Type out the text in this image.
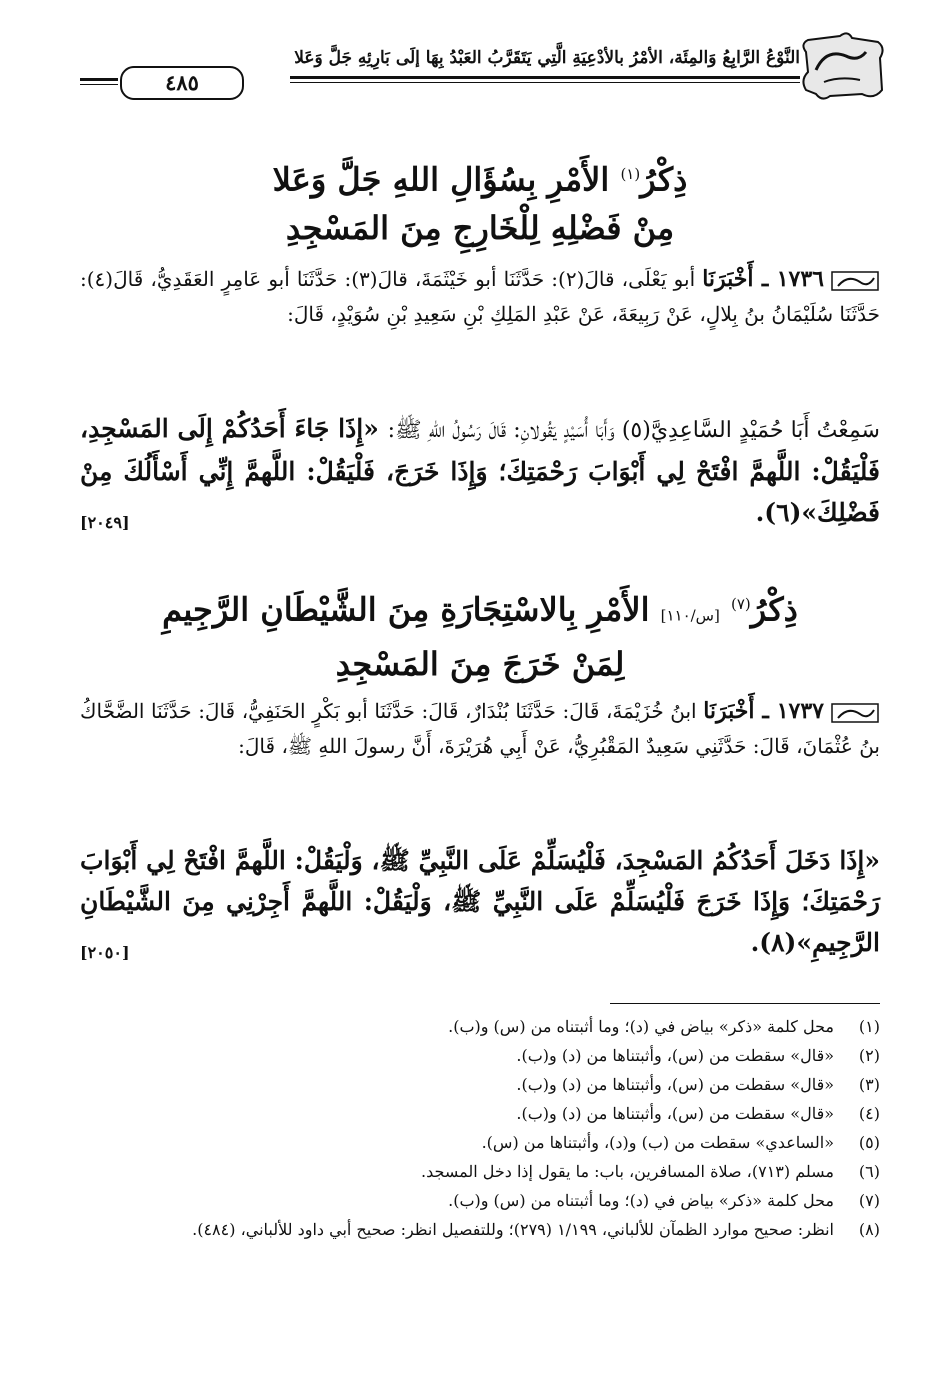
النَّوْعُ الرَّابِعُ وَالمِئَة، الأمْرُ بالأدْعِيَةِ الَّتِي يَتَقَرَّبُ العَبْدُ بِهَا إلَى بَارِئِهِ جَلَّ وَعَلا
٤٨٥
ذِكْرُ$^{(١)}$ الأَمْرِ بِسُؤَالِ اللهِ جَلَّ وَعَلا
مِنْ فَضْلِهِ لِلْخَارِجِ مِنَ المَسْجِدِ
١٧٣٦ ـ أَخْبَرَنَا أبو يَعْلَى، قالَ(٢): حَدَّثَنَا أبو خَيْثَمَةَ، قالَ(٣): حَدَّثَنَا أبو عَامِرٍ العَقَدِيُّ، قَالَ(٤): حَدَّثَنَا سُلَيْمَانُ بنُ بِلالٍ، عَنْ رَبِيعَةَ، عَنْ عَبْدِ المَلِكِ بْنِ سَعِيدِ بْنِ سُوَيْدٍ، قَالَ:
سَمِعْتُ أَبَا حُمَيْدٍ السَّاعِدِيَّ(٥) وَأَبَا أُسَيْدٍ يَقُولانِ: قَالَ رَسُولُ اللهِ ﷺ: «إِذَا جَاءَ أَحَدُكُمْ إِلَى المَسْجِدِ، فَلْيَقُلْ: اللَّهمَّ افْتَحْ لِي أَبْوَابَ رَحْمَتِكَ؛ وَإِذَا خَرَجَ، فَلْيَقُلْ: اللَّهمَّ إِنِّي أَسْأَلُكَ مِنْ فَضْلِكَ»(٦).
[٢٠٤٩]
ذِكْرُ$^{(٧)}$ [س/١١٠] الأَمْرِ بِالاسْتِجَارَةِ مِنَ الشَّيْطَانِ الرَّجِيمِ
لِمَنْ خَرَجَ مِنَ المَسْجِدِ
١٧٣٧ ـ أَخْبَرَنَا ابنُ خُزَيْمَةَ، قَالَ: حَدَّثَنَا بُنْدَارٌ، قَالَ: حَدَّثَنَا أبو بَكْرٍ الحَنَفِيُّ، قَالَ: حَدَّثَنَا الضَّحَّاكُ بنُ عُثْمَانَ، قَالَ: حَدَّثَنِي سَعِيدٌ المَقْبُرِيُّ، عَنْ أَبِي هُرَيْرَةَ، أَنَّ رسولَ اللهِ ﷺ، قَالَ:
«إِذَا دَخَلَ أَحَدُكُمُ المَسْجِدَ، فَلْيُسَلِّمْ عَلَى النَّبِيِّ ﷺ، وَلْيَقُلْ: اللَّهمَّ افْتَحْ لِي أَبْوَابَ رَحْمَتِكَ؛ وَإِذَا خَرَجَ فَلْيُسَلِّمْ عَلَى النَّبِيِّ ﷺ، وَلْيَقُلْ: اللَّهمَّ أَجِرْنِي مِنَ الشَّيْطَانِ الرَّجِيمِ»(٨).
[٢٠٥٠]
(١)
محل كلمة «ذكر» بياض في (د)؛ وما أثبتناه من (س) و(ب).
(٢)
«قال» سقطت من (س)، وأثبتناها من (د) و(ب).
(٣)
«قال» سقطت من (س)، وأثبتناها من (د) و(ب).
(٤)
«قال» سقطت من (س)، وأثبتناها من (د) و(ب).
(٥)
«الساعدي» سقطت من (ب) و(د)، وأثبتناها من (س).
(٦)
مسلم (٧١٣)، صلاة المسافرين، باب: ما يقول إذا دخل المسجد.
(٧)
محل كلمة «ذكر» بياض في (د)؛ وما أثبتناه من (س) و(ب).
(٨)
انظر: صحيح موارد الظمآن للألباني، ١/١٩٩ (٢٧٩)؛ وللتفصيل انظر: صحيح أبي داود للألباني، (٤٨٤).
